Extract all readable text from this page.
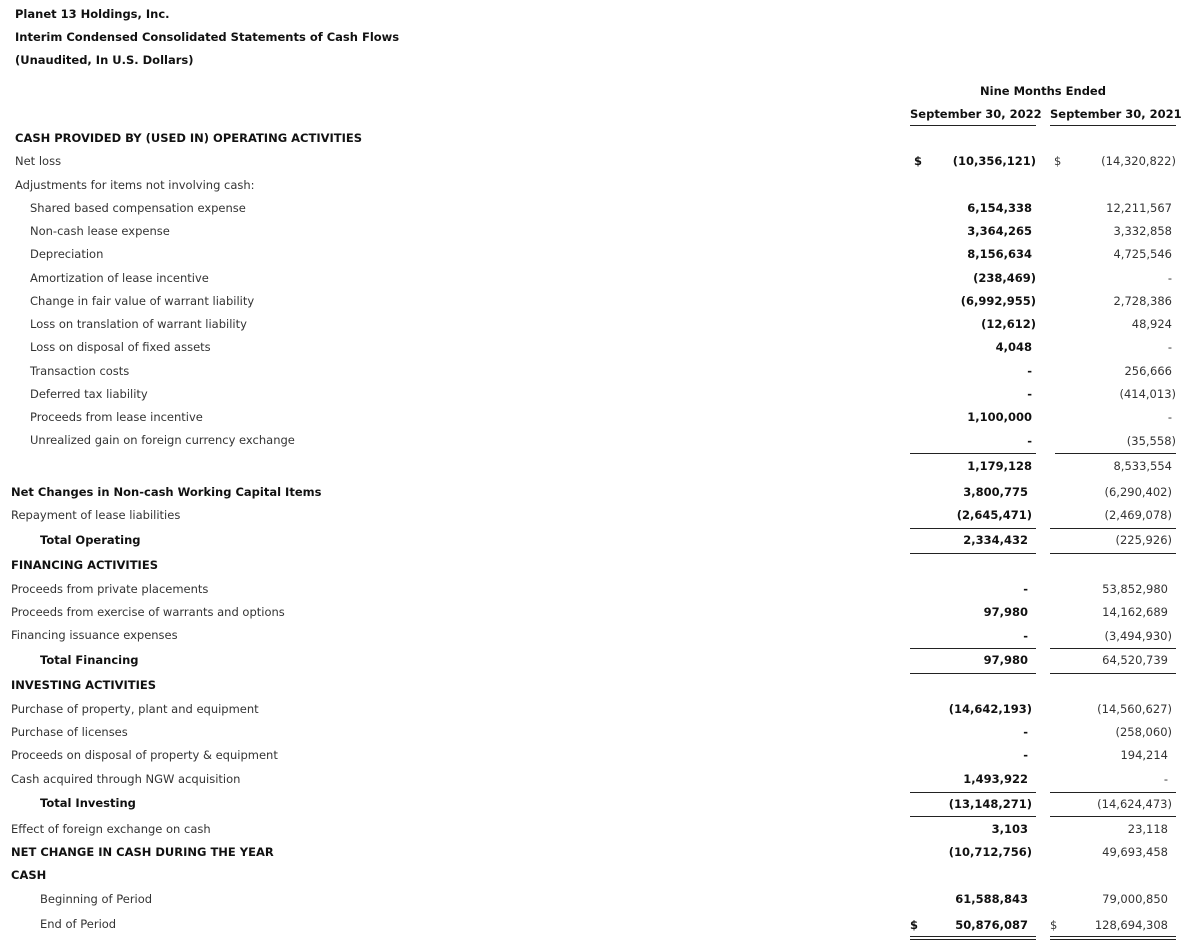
Planet 13 Holdings, Inc.
Interim Condensed Consolidated Statements of Cash Flows
(Unaudited, In U.S. Dollars)
Nine Months Ended
September 30, 2022 September 30, 2021
CASH PROVIDED BY (USED IN) OPERATING ACTIVITIES
Net loss	$	(10,356,121) $	(14,320,822)
Adjustments for items not involving cash:
Shared based compensation expense	6,154,338	12,211,567
Non-cash lease expense	3,364,265	3,332,858
Depreciation	8,156,634	4,725,546
Amortization of lease incentive	(238,469)	-
Change in fair value of warrant liability	(6,992,955)	2,728,386
Loss on translation of warrant liability	(12,612)	48,924
Loss on disposal of fixed assets	4,048	-
Transaction costs	-	256,666
Deferred tax liability	-	(414,013)
Proceeds from lease incentive	1,100,000	-
Unrealized gain on foreign currency exchange	-	(35,558)
1,179,128	8,533,554
Net Changes in Non-cash Working Capital Items	3,800,775	(6,290,402)
Repayment of lease liabilities	(2,645,471)	(2,469,078)
Total Operating	2,334,432	(225,926)
FINANCING ACTIVITIES
Proceeds from private placements	-	53,852,980
Proceeds from exercise of warrants and options	97,980	14,162,689
Financing issuance expenses	-	(3,494,930)
Total Financing	97,980	64,520,739
INVESTING ACTIVITIES
Purchase of property, plant and equipment	(14,642,193)	(14,560,627)
Purchase of licenses	-	(258,060)
Proceeds on disposal of property & equipment	-	194,214
Cash acquired through NGW acquisition	1,493,922	-
Total Investing	(13,148,271)	(14,624,473)
Effect of foreign exchange on cash	3,103	23,118
NET CHANGE IN CASH DURING THE YEAR	(10,712,756)	49,693,458
CASH
Beginning of Period	61,588,843	79,000,850
End of Period	$	50,876,087 $	128,694,308
